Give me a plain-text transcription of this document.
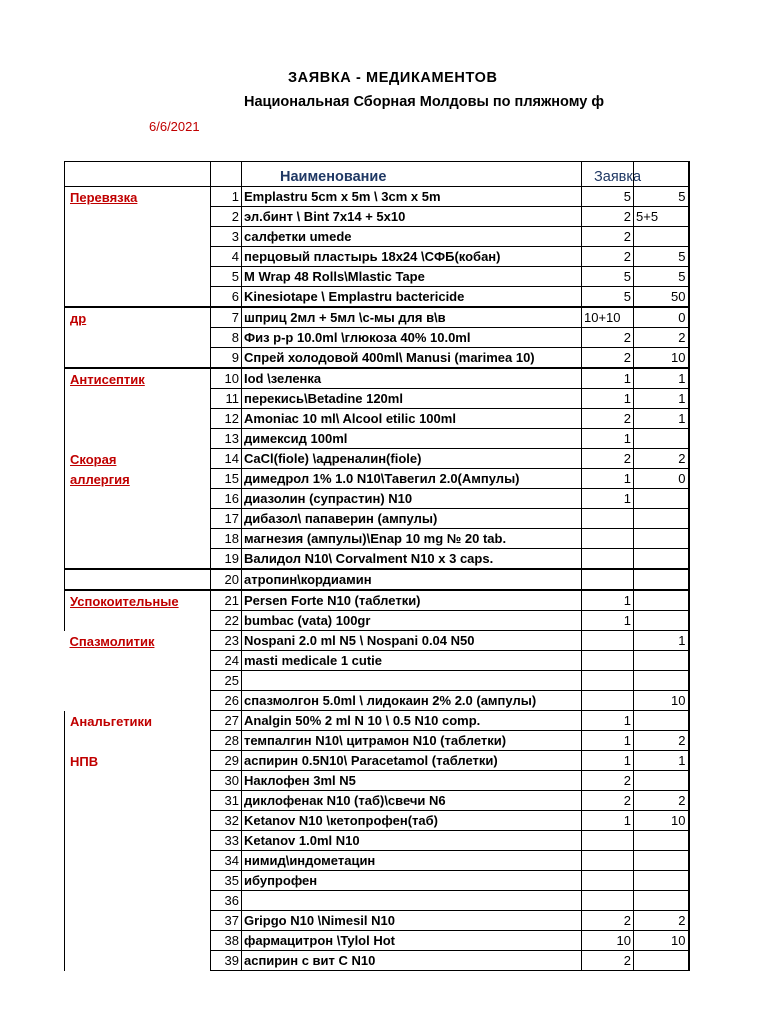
ЗАЯВКА - МЕДИКАМЕНТОВ
Национальная Сборная Молдовы по пляжному ф
6/6/2021
		Наименование	Заявка	
Перевязка	1	Emplastru 5cm x 5m \ 3cm x 5m	5	5
	2	эл.бинт \ Bint 7x14 + 5x10	2	5+5
	3	салфетки umede	2	
	4	перцовый пластырь 18x24 \СФБ(кобан)	2	5
	5	M Wrap 48 Rolls\Mlastic Tape	5	5
	6	Kinesiotape \ Emplastru bactericide	5	50
др	7	шприц 2мл + 5мл \с-мы для в\в	10+10	0
	8	Физ р-р 10.0ml \глюкоза 40% 10.0ml	2	2
	9	Спрей холодовой 400ml\ Manusi (marimea 10)	2	10
Антисептик	10	Iod \зеленка	1	1
	11	перекись\Betadine 120ml	1	1
	12	Amoniac 10 ml\ Alcool etilic 100ml	2	1
	13	димексид 100ml	1	
Скорая	14	CaCl(fiole) \адреналин(fiole)	2	2
аллергия	15	димедрол 1% 1.0 N10\Тавегил 2.0(Ампулы)	1	0
	16	диазолин (супрастин) N10	1	
	17	дибазол\ папаверин (ампулы)		
	18	магнезия (ампулы)\Enap 10 mg № 20 tab.		
	19	Валидол N10\ Corvalment N10 x 3 caps.		
	20	атропин\кордиамин		
Успокоительные	21	Persen Forte N10 (таблетки)	1	
	22	bumbac (vata) 100gr	1	
Спазмолитик	23	Nospani 2.0 ml N5 \ Nospani 0.04 N50		1
	24	masti medicale 1 cutie		
	25			
	26	спазмолгон 5.0ml \ лидокаин 2% 2.0 (ампулы)		10
Анальгетики	27	Analgin 50% 2 ml N 10 \ 0.5 N10 comp.	1	
	28	темпалгин N10\ цитрамон N10 (таблетки)	1	2
НПВ	29	аспирин 0.5N10\ Paracetamol (таблетки)	1	1
	30	Наклофен 3ml N5	2	
	31	диклофенак N10 (таб)\свечи N6	2	2
	32	Ketanov N10 \кетопрофен(таб)	1	10
	33	Ketanov 1.0ml N10		
	34	нимид\индометацин		
	35	ибупрофен		
	36			
	37	Gripgo N10 \Nimesil N10	2	2
	38	фармацитрон \Tylol Hot	10	10
	39	аспирин с вит С N10	2	
